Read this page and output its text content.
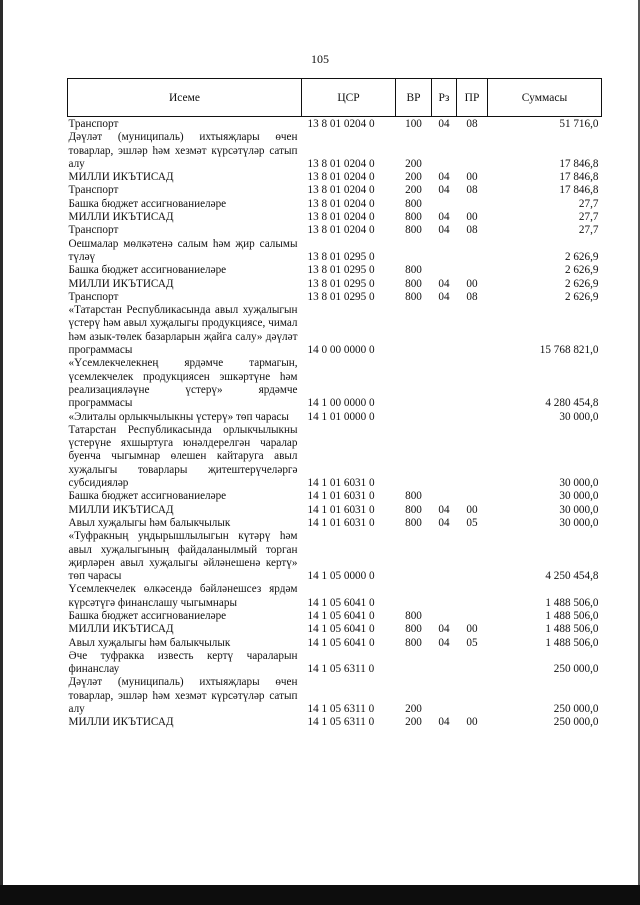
105
Исеме	ЦСР	ВР	Рз	ПР	Суммасы
Транспорт	13 8 01 0204 0	100	04	08	51 716,0
Дәүләт (муниципаль) ихтыяҗлары өчен товарлар, эшләр һәм хезмәт күрсәтүләр сатып алу	13 8 01 0204 0	200			17 846,8
МИЛЛИ ИКЪТИСАД	13 8 01 0204 0	200	04	00	17 846,8
Транспорт	13 8 01 0204 0	200	04	08	17 846,8
Башка бюджет ассигнованиеләре	13 8 01 0204 0	800			27,7
МИЛЛИ ИКЪТИСАД	13 8 01 0204 0	800	04	00	27,7
Транспорт	13 8 01 0204 0	800	04	08	27,7
Оешмалар мөлкәтенә салым һәм җир салымы түләү	13 8 01 0295 0				2 626,9
Башка бюджет ассигнованиеләре	13 8 01 0295 0	800			2 626,9
МИЛЛИ ИКЪТИСАД	13 8 01 0295 0	800	04	00	2 626,9
Транспорт	13 8 01 0295 0	800	04	08	2 626,9
«Татарстан Республикасында авыл хуҗалыгын үстерү һәм авыл хуҗалыгы продукциясе, чимал һәм азык-төлек базарларын җайга салу» дәүләт программасы	14 0 00 0000 0				15 768 821,0
«Үсемлекчелекнең ярдәмче тармагын, үсемлекчелек продукциясен эшкәртүне һәм реализацияләүне үстерү» ярдәмче программасы	14 1 00 0000 0				4 280 454,8
«Элиталы орлыкчылыкны үстерү» төп чарасы	14 1 01 0000 0				30 000,0
Татарстан Республикасында орлыкчылыкны үстерүне яхшыртуга юнәлдерелгән чаралар буенча чыгымнар өлешен кайтаруга авыл хуҗалыгы товарлары җитештерүчеләргә субсидияләр	14 1 01 6031 0				30 000,0
Башка бюджет ассигнованиеләре	14 1 01 6031 0	800			30 000,0
МИЛЛИ ИКЪТИСАД	14 1 01 6031 0	800	04	00	30 000,0
Авыл хуҗалыгы һәм балыкчылык	14 1 01 6031 0	800	04	05	30 000,0
«Туфракның уңдырышлылыгын күтәрү һәм авыл хуҗалыгының файдаланылмый торган җирләрен авыл хуҗалыгы әйләнешенә кертү» төп чарасы	14 1 05 0000 0				4 250 454,8
Үсемлекчелек өлкәсендә бәйләнешсез ярдәм күрсәтүгә финанслашу чыгымнары	14 1 05 6041 0				1 488 506,0
Башка бюджет ассигнованиеләре	14 1 05 6041 0	800			1 488 506,0
МИЛЛИ ИКЪТИСАД	14 1 05 6041 0	800	04	00	1 488 506,0
Авыл хуҗалыгы һәм балыкчылык	14 1 05 6041 0	800	04	05	1 488 506,0
Әче туфракка известь кертү чараларын финанслау	14 1 05 6311 0				250 000,0
Дәүләт (муниципаль) ихтыяҗлары өчен товарлар, эшләр һәм хезмәт күрсәтүләр сатып алу	14 1 05 6311 0	200			250 000,0
МИЛЛИ ИКЪТИСАД	14 1 05 6311 0	200	04	00	250 000,0
